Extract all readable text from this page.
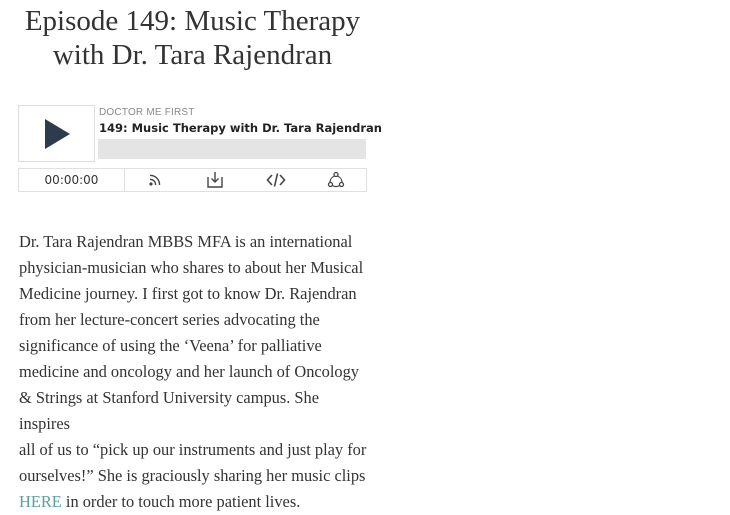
Episode 149: Music Therapy
with Dr. Tara Rajendran
DOCTOR ME FIRST
149: Music Therapy with Dr. Tara Rajendran
00:00:00

Dr. Tara Rajendran MBBS MFA is an international
physician-musician who shares to about her Musical
Medicine journey. I first got to know Dr. Rajendran
from her lecture-concert series advocating the
significance of using the ‘Veena’ for palliative
medicine and oncology and her launch of Oncology
& Strings at Stanford University campus. She inspires
all of us to “pick up our instruments and just play for
ourselves!” She is graciously sharing her music clips
HERE in order to touch more patient lives.
